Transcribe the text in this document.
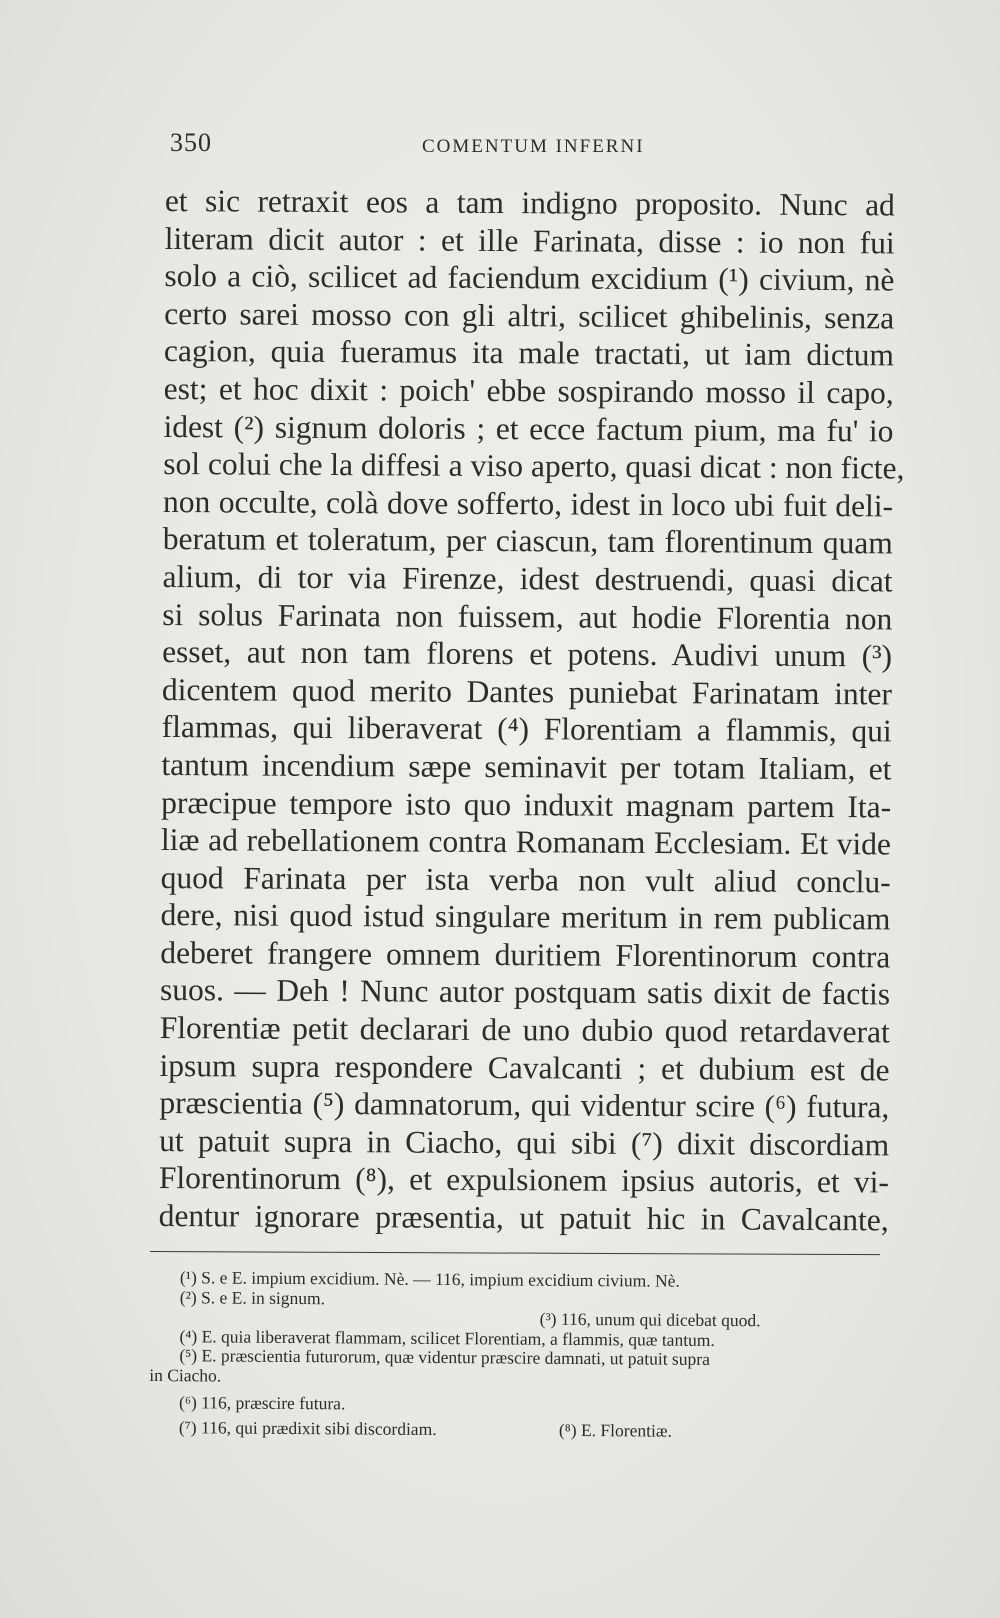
350	COMENTUM INFERNI
et sic retraxit eos a tam indigno proposito. Nunc ad
literam dicit autor : et ille Farinata, disse : io non fui
solo a ciò, scilicet ad faciendum excidium (¹) civium, nè
certo sarei mosso con gli altri, scilicet ghibelinis, senza
cagion, quia fueramus ita male tractati, ut iam dictum
est; et hoc dixit : poich' ebbe sospirando mosso il capo,
idest (²) signum doloris ; et ecce factum pium, ma fu' io
sol colui che la diffesi a viso aperto, quasi dicat : non ficte,
non occulte, colà dove sofferto, idest in loco ubi fuit deli-
beratum et toleratum, per ciascun, tam florentinum quam
alium, di tor via Firenze, idest destruendi, quasi dicat
si solus Farinata non fuissem, aut hodie Florentia non
esset, aut non tam florens et potens. Audivi unum (³)
dicentem quod merito Dantes puniebat Farinatam inter
flammas, qui liberaverat (⁴) Florentiam a flammis, qui
tantum incendium sæpe seminavit per totam Italiam, et
præcipue tempore isto quo induxit magnam partem Ita-
liæ ad rebellationem contra Romanam Ecclesiam. Et vide
quod Farinata per ista verba non vult aliud conclu-
dere, nisi quod istud singulare meritum in rem publicam
deberet frangere omnem duritiem Florentinorum contra
suos. — Deh ! Nunc autor postquam satis dixit de factis
Florentiæ petit declarari de uno dubio quod retardaverat
ipsum supra respondere Cavalcanti ; et dubium est de
præscientia (⁵) damnatorum, qui videntur scire (⁶) futura,
ut patuit supra in Ciacho, qui sibi (⁷) dixit discordiam
Florentinorum (⁸), et expulsionem ipsius autoris, et vi-
dentur ignorare præsentia, ut patuit hic in Cavalcante,
(¹) S. e E. impium excidium. Nè. — 116, impium excidium civium. Nè.
(²) S. e E. in signum.
(³) 116, unum qui dicebat quod.
(⁴) E. quia liberaverat flammam, scilicet Florentiam, a flammis, quæ tantum.
(⁵) E. præscientia futurorum, quæ videntur præscire damnati, ut patuit supra
in Ciacho.
(⁶) 116, præscire futura.
(⁷) 116, qui prædixit sibi discordiam.	(⁸) E. Florentiæ.
